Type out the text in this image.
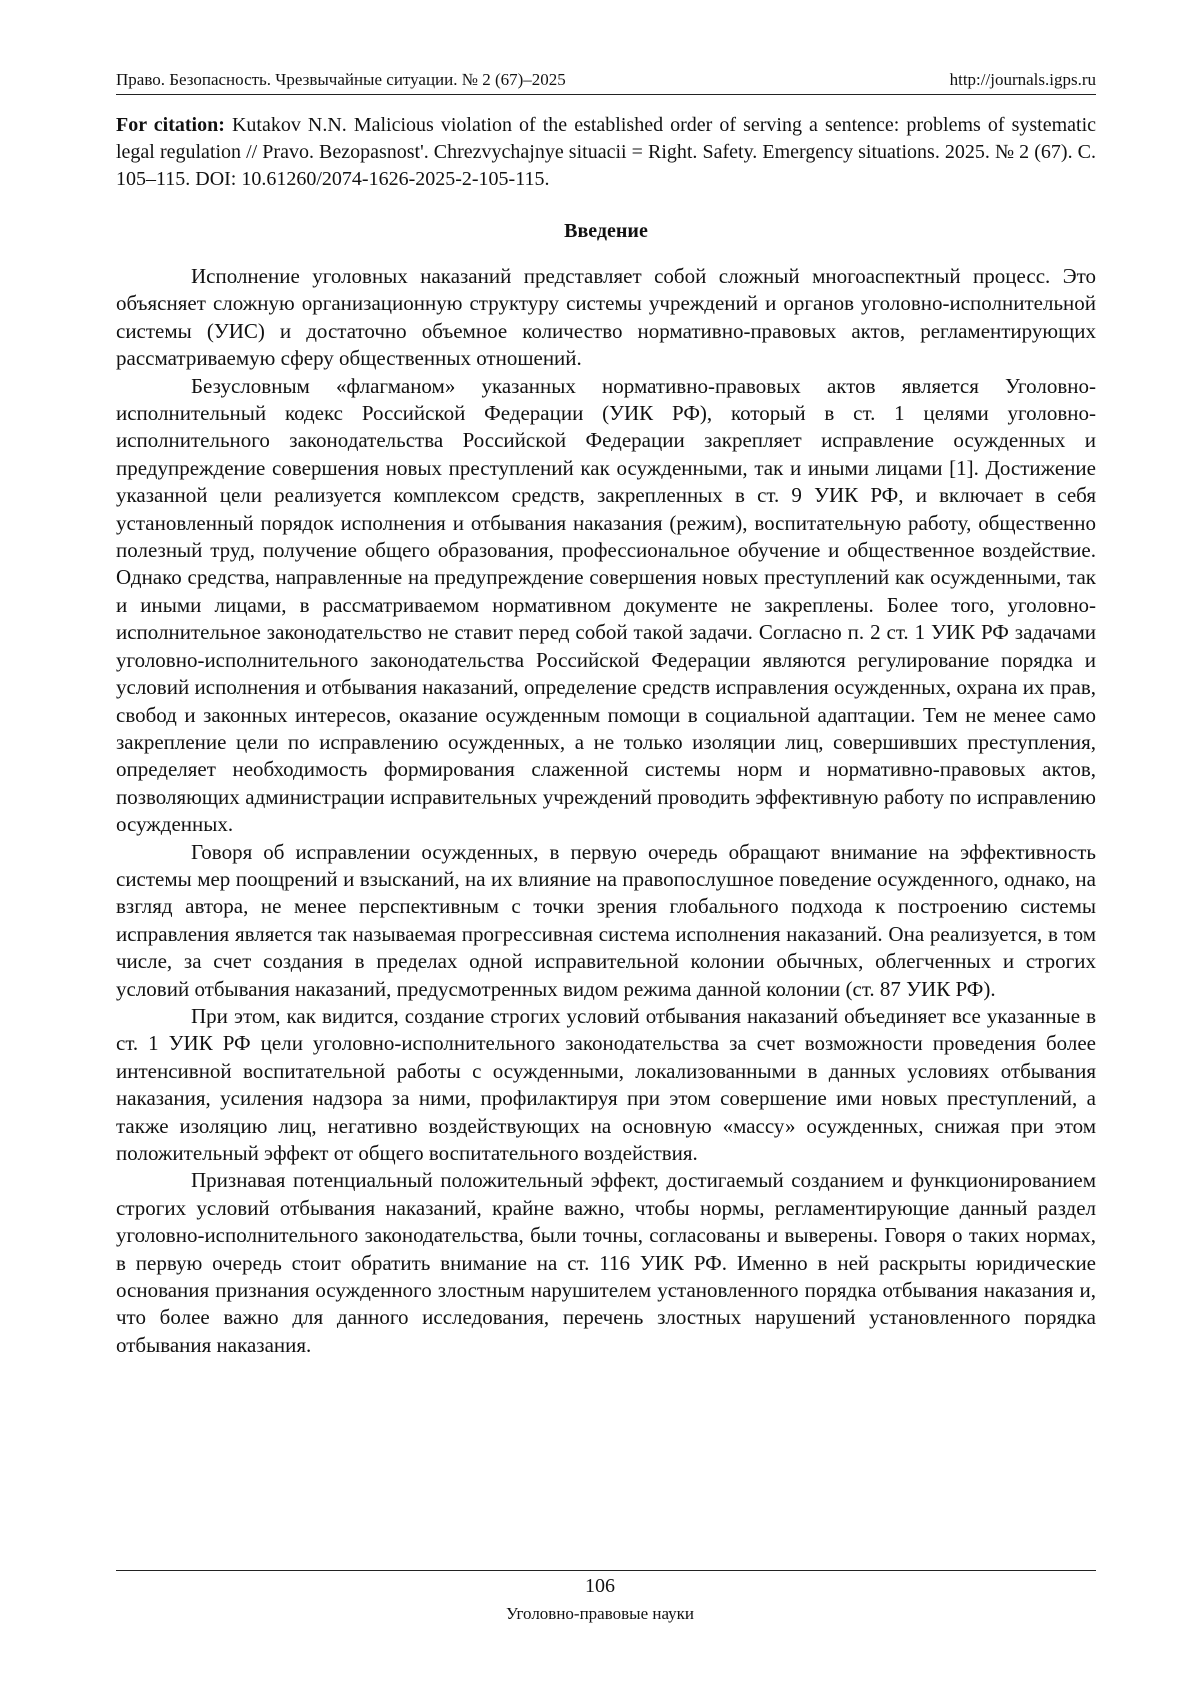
Право. Безопасность. Чрезвычайные ситуации. № 2 (67)–2025	http://journals.igps.ru

For citation: Kutakov N.N. Malicious violation of the established order of serving a sentence: problems of systematic legal regulation // Pravo. Bezopasnost'. Chrezvychajnye situacii = Right. Safety. Emergency situations. 2025. № 2 (67). С. 105–115. DOI: 10.61260/2074-1626-2025-2-105-115.

Введение

Исполнение уголовных наказаний представляет собой сложный многоаспектный процесс. Это объясняет сложную организационную структуру системы учреждений и органов уголовно-исполнительной системы (УИС) и достаточно объемное количество нормативно-правовых актов, регламентирующих рассматриваемую сферу общественных отношений.

Безусловным «флагманом» указанных нормативно-правовых актов является Уголовно-исполнительный кодекс Российской Федерации (УИК РФ), который в ст. 1 целями уголовно-исполнительного законодательства Российской Федерации закрепляет исправление осужденных и предупреждение совершения новых преступлений как осужденными, так и иными лицами [1]. Достижение указанной цели реализуется комплексом средств, закрепленных в ст. 9 УИК РФ, и включает в себя установленный порядок исполнения и отбывания наказания (режим), воспитательную работу, общественно полезный труд, получение общего образования, профессиональное обучение и общественное воздействие. Однако средства, направленные на предупреждение совершения новых преступлений как осужденными, так и иными лицами, в рассматриваемом нормативном документе не закреплены. Более того, уголовно-исполнительное законодательство не ставит перед собой такой задачи. Согласно п. 2 ст. 1 УИК РФ задачами уголовно-исполнительного законодательства Российской Федерации являются регулирование порядка и условий исполнения и отбывания наказаний, определение средств исправления осужденных, охрана их прав, свобод и законных интересов, оказание осужденным помощи в социальной адаптации. Тем не менее само закрепление цели по исправлению осужденных, а не только изоляции лиц, совершивших преступления, определяет необходимость формирования слаженной системы норм и нормативно-правовых актов, позволяющих администрации исправительных учреждений проводить эффективную работу по исправлению осужденных.

Говоря об исправлении осужденных, в первую очередь обращают внимание на эффективность системы мер поощрений и взысканий, на их влияние на правопослушное поведение осужденного, однако, на взгляд автора, не менее перспективным с точки зрения глобального подхода к построению системы исправления является так называемая прогрессивная система исполнения наказаний. Она реализуется, в том числе, за счет создания в пределах одной исправительной колонии обычных, облегченных и строгих условий отбывания наказаний, предусмотренных видом режима данной колонии (ст. 87 УИК РФ).

При этом, как видится, создание строгих условий отбывания наказаний объединяет все указанные в ст. 1 УИК РФ цели уголовно-исполнительного законодательства за счет возможности проведения более интенсивной воспитательной работы с осужденными, локализованными в данных условиях отбывания наказания, усиления надзора за ними, профилактируя при этом совершение ими новых преступлений, а также изоляцию лиц, негативно воздействующих на основную «массу» осужденных, снижая при этом положительный эффект от общего воспитательного воздействия.

Признавая потенциальный положительный эффект, достигаемый созданием и функционированием строгих условий отбывания наказаний, крайне важно, чтобы нормы, регламентирующие данный раздел уголовно-исполнительного законодательства, были точны, согласованы и выверены. Говоря о таких нормах, в первую очередь стоит обратить внимание на ст. 116 УИК РФ. Именно в ней раскрыты юридические основания признания осужденного злостным нарушителем установленного порядка отбывания наказания и, что более важно для данного исследования, перечень злостных нарушений установленного порядка отбывания наказания.

106
Уголовно-правовые науки
